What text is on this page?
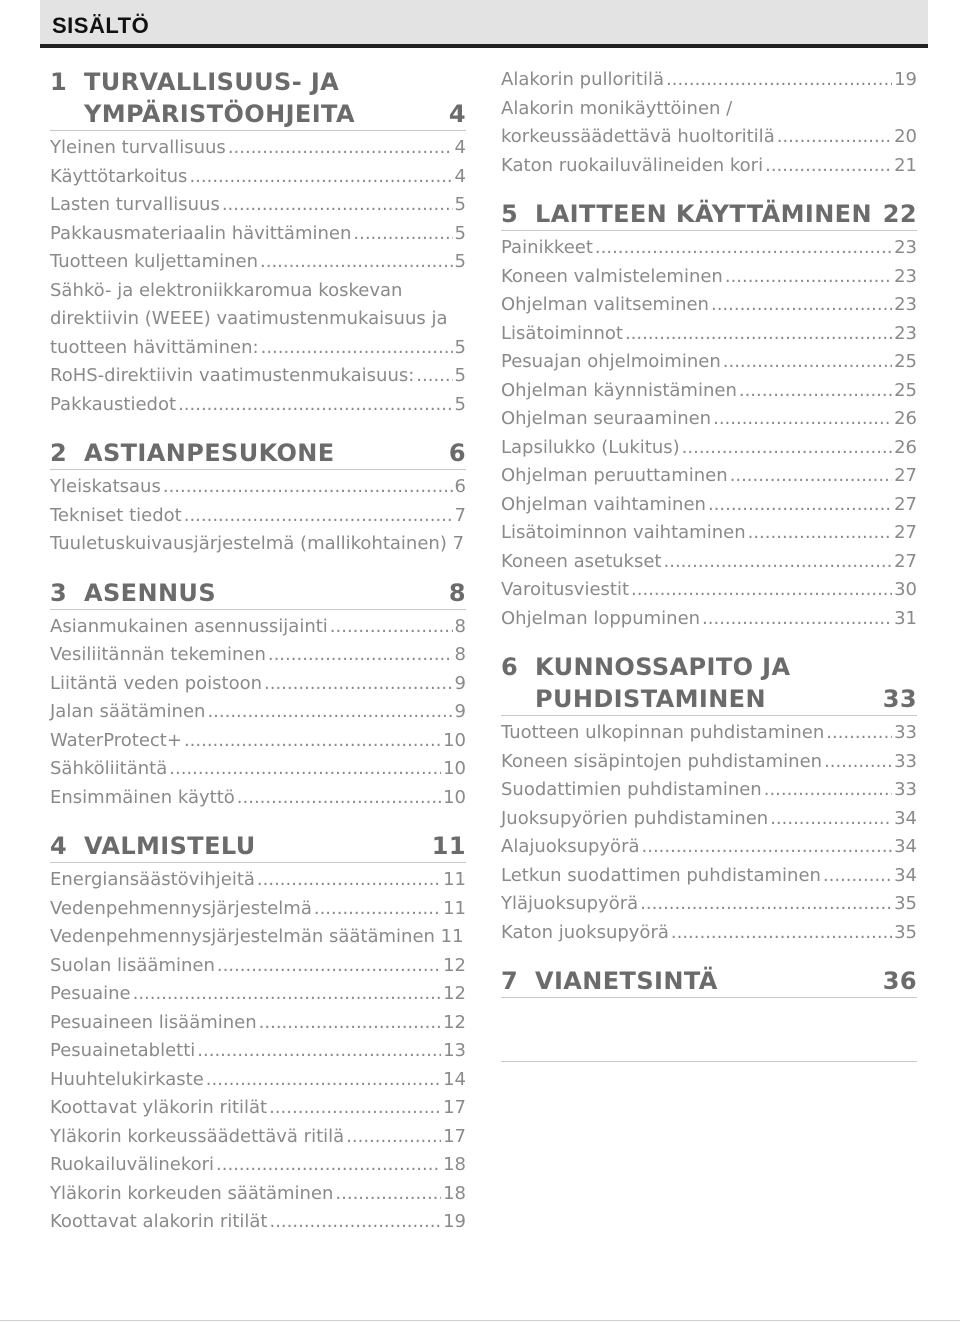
SISÄLTÖ
1 TURVALLISUUS- JA
YMPÄRISTÖOHJEITA	4
Yleinen turvallisuus .....	4
Käyttötarkoitus .....	4
Lasten turvallisuus .....	5
Pakkausmateriaalin hävittäminen .....	5
Tuotteen kuljettaminen .....	5
Sähkö- ja elektroniikkaromua koskevan
direktiivin (WEEE) vaatimustenmukaisuus ja
tuotteen hävittäminen: .....	5
RoHS-direktiivin vaatimustenmukaisuus: ..... 5
Pakkaustiedot .....	5
2 ASTIANPESUKONE	6
Yleiskatsaus .....	6
Tekniset tiedot .....	7
Tuuletuskuivausjärjestelmä (mallikohtainen) 7
3 ASENNUS	8
Asianmukainen asennussijainti .....	8
Vesiliitännän tekeminen .....	8
Liitäntä veden poistoon .....	9
Jalan säätäminen .....	9
WaterProtect+ .....	10
Sähköliitäntä .....	10
Ensimmäinen käyttö .....	10
4 VALMISTELU	11
Energiansäästövihjeitä .....	11
Vedenpehmennysjärjestelmä .....	11
Vedenpehmennysjärjestelmän säätäminen 11
Suolan lisääminen .....	12
Pesuaine .....	12
Pesuaineen lisääminen .....	12
Pesuainetabletti .....	13
Huuhtelukirkaste .....	14
Koottavat yläkorin ritilät .....	17
Yläkorin korkeussäädettävä ritilä .....	17
Ruokailuvälinekori .....	18
Yläkorin korkeuden säätäminen .....	18
Koottavat alakorin ritilät .....	19
Alakorin pulloritilä .....	19
Alakorin monikäyttöinen /
korkeussäädettävä huoltoritilä .....	20
Katon ruokailuvälineiden kori .....	21
5 LAITTEEN KÄYTTÄMINEN 22
Painikkeet .....	23
Koneen valmisteleminen .....	23
Ohjelman valitseminen .....	23
Lisätoiminnot .....	23
Pesuajan ohjelmoiminen .....	25
Ohjelman käynnistäminen .....	25
Ohjelman seuraaminen .....	26
Lapsilukko (Lukitus) .....	26
Ohjelman peruuttaminen .....	27
Ohjelman vaihtaminen .....	27
Lisätoiminnon vaihtaminen .....	27
Koneen asetukset .....	27
Varoitusviestit .....	30
Ohjelman loppuminen .....	31
6 KUNNOSSAPITO JA
PUHDISTAMINEN	33
Tuotteen ulkopinnan puhdistaminen .....	33
Koneen sisäpintojen puhdistaminen .....	33
Suodattimien puhdistaminen .....	33
Juoksupyörien puhdistaminen .....	34
Alajuoksupyörä .....	34
Letkun suodattimen puhdistaminen .....	34
Yläjuoksupyörä .....	35
Katon juoksupyörä .....	35
7 VIANETSINTÄ	36
